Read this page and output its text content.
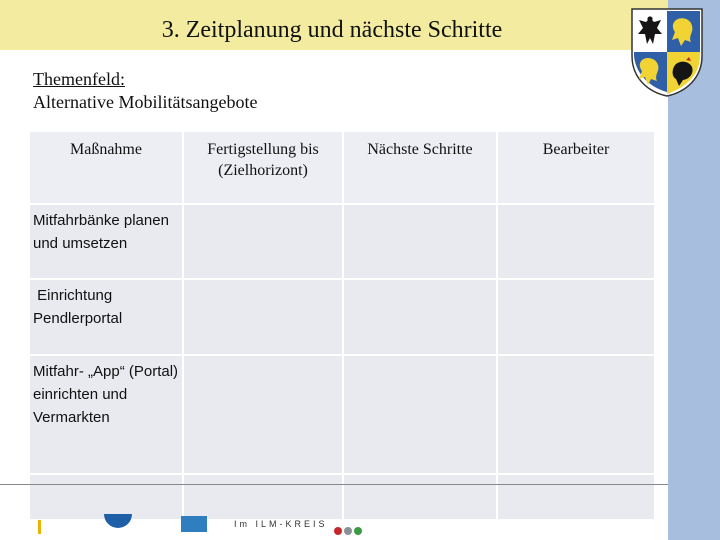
3. Zeitplanung und nächste Schritte
Themenfeld:
Alternative Mobilitätsangebote
Maßnahme	Fertigstellung bis (Zielhorizont)	Nächste Schritte	Bearbeiter

Mitfahrbänke planen und umsetzen			

Einrichtung Pendlerportal			

Mitfahr- „App“ (Portal) einrichten und Vermarkten			

Im ILM-KREIS
